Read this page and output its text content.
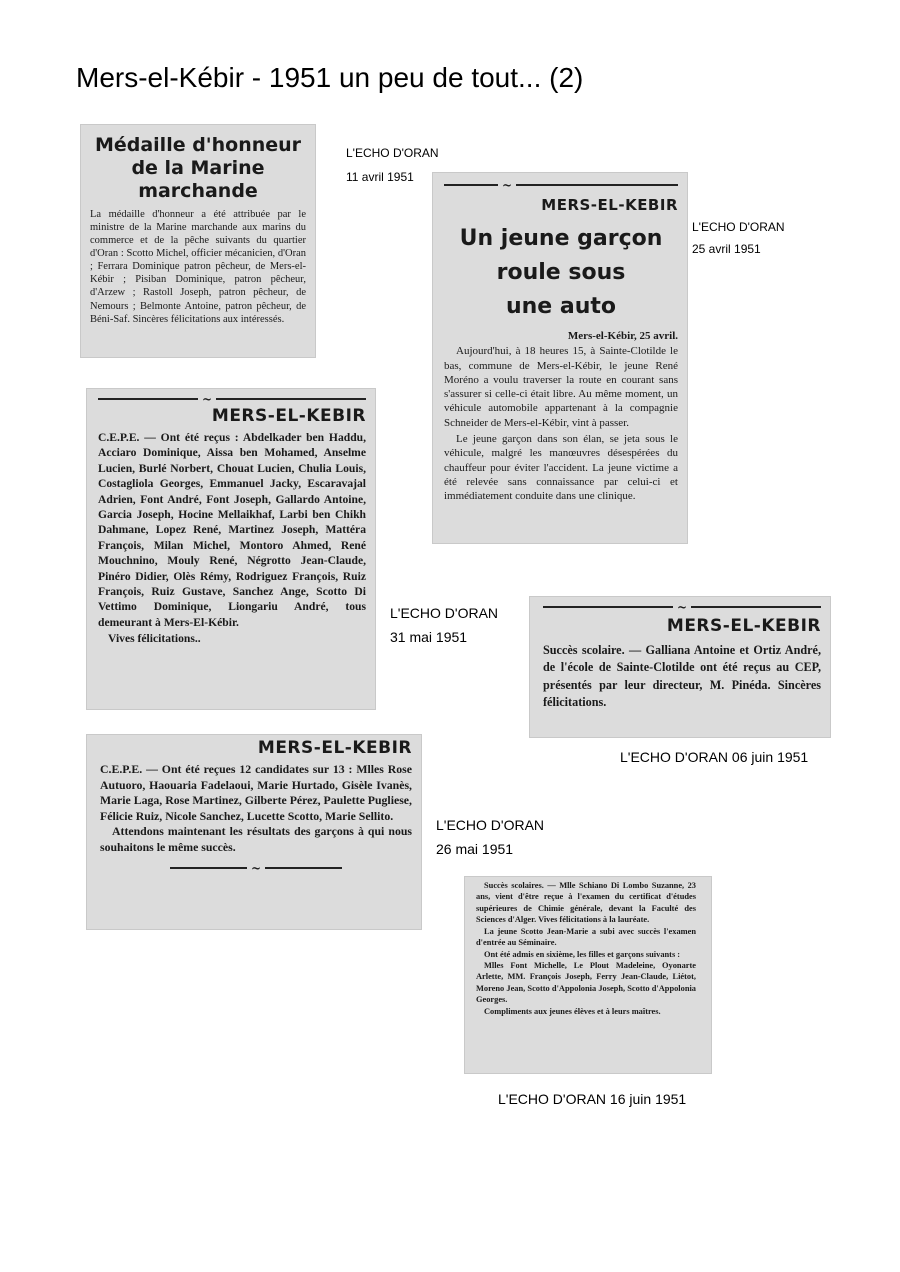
Mers-el-Kébir - 1951 un peu de tout... (2)
Médaille d'honneur de la Marine marchande
La médaille d'honneur a été attribuée par le ministre de la Marine marchande aux marins du commerce et de la pêche suivants du quartier d'Oran : Scotto Michel, officier mécanicien, d'Oran ; Ferrara Dominique patron pêcheur, de Mers-el-Kébir ; Pisiban Dominique, patron pêcheur, d'Arzew ; Rastoll Joseph, patron pêcheur, de Nemours ; Belmonte Antoine, patron pêcheur, de Béni-Saf. Sincères félicitations aux intéressés.
L'ECHO D'ORAN
11 avril 1951
~
MERS-EL-KEBIR
Un jeune garçon
roule sous
une auto
Mers-el-Kébir, 25 avril.
Aujourd'hui, à 18 heures 15, à Sainte-Clotilde le bas, commune de Mers-el-Kébir, le jeune René Moréno a voulu traverser la route en courant sans s'assurer si celle-ci était libre. Au même moment, un véhicule automobile appartenant à la compagnie Schneider de Mers-el-Kébir, vint à passer.
Le jeune garçon dans son élan, se jeta sous le véhicule, malgré les manœuvres désespérées du chauffeur pour éviter l'accident. La jeune victime a été relevée sans connaissance par celui-ci et immédiatement conduite dans une clinique.
L'ECHO D'ORAN
25 avril 1951
~
MERS-EL-KEBIR
C.E.P.E. — Ont été reçus : Abdelkader ben Haddu, Acciaro Dominique, Aissa ben Mohamed, Anselme Lucien, Burlé Norbert, Chouat Lucien, Chulia Louis, Costagliola Georges, Emmanuel Jacky, Escaravajal Adrien, Font André, Font Joseph, Gallardo Antoine, Garcia Joseph, Hocine Mellaikhaf, Larbi ben Chikh Dahmane, Lopez René, Martinez Joseph, Mattéra François, Milan Michel, Montoro Ahmed, René Mouchnino, Mouly René, Négrotto Jean-Claude, Pinéro Didier, Olès Rémy, Rodriguez François, Ruiz François, Ruiz Gustave, Sanchez Ange, Scotto Di Vettimo Dominique, Liongariu André, tous demeurant à Mers-El-Kébir.
Vives félicitations..
L'ECHO D'ORAN
31 mai 1951
~
MERS-EL-KEBIR
Succès scolaire. — Galliana Antoine et Ortiz André, de l'école de Sainte-Clotilde ont été reçus au CEP, présentés par leur directeur, M. Pinéda. Sincères félicitations.
L'ECHO D'ORAN 06 juin 1951
MERS-EL-KEBIR
C.E.P.E. — Ont été reçues 12 candidates sur 13 : Mlles Rose Autuoro, Haouaria Fadelaoui, Marie Hurtado, Gisèle Ivanès, Marie Laga, Rose Martinez, Gilberte Pérez, Paulette Pugliese, Félicie Ruiz, Nicole Sanchez, Lucette Scotto, Marie Sellito.
Attendons maintenant les résultats des garçons à qui nous souhaitons le même succès.
~
L'ECHO D'ORAN
26 mai 1951
Succès scolaires. — Mlle Schiano Di Lombo Suzanne, 23 ans, vient d'être reçue à l'examen du certificat d'études supérieures de Chimie générale, devant la Faculté des Sciences d'Alger. Vives félicitations à la lauréate.
La jeune Scotto Jean-Marie a subi avec succès l'examen d'entrée au Séminaire.
Ont été admis en sixième, les filles et garçons suivants :
Mlles Font Michelle, Le Plout Madeleine, Oyonarte Arlette, MM. François Joseph, Ferry Jean-Claude, Liétot, Moreno Jean, Scotto d'Appolonia Joseph, Scotto d'Appolonia Georges.
Compliments aux jeunes élèves et à leurs maîtres.
L'ECHO D'ORAN 16 juin 1951
